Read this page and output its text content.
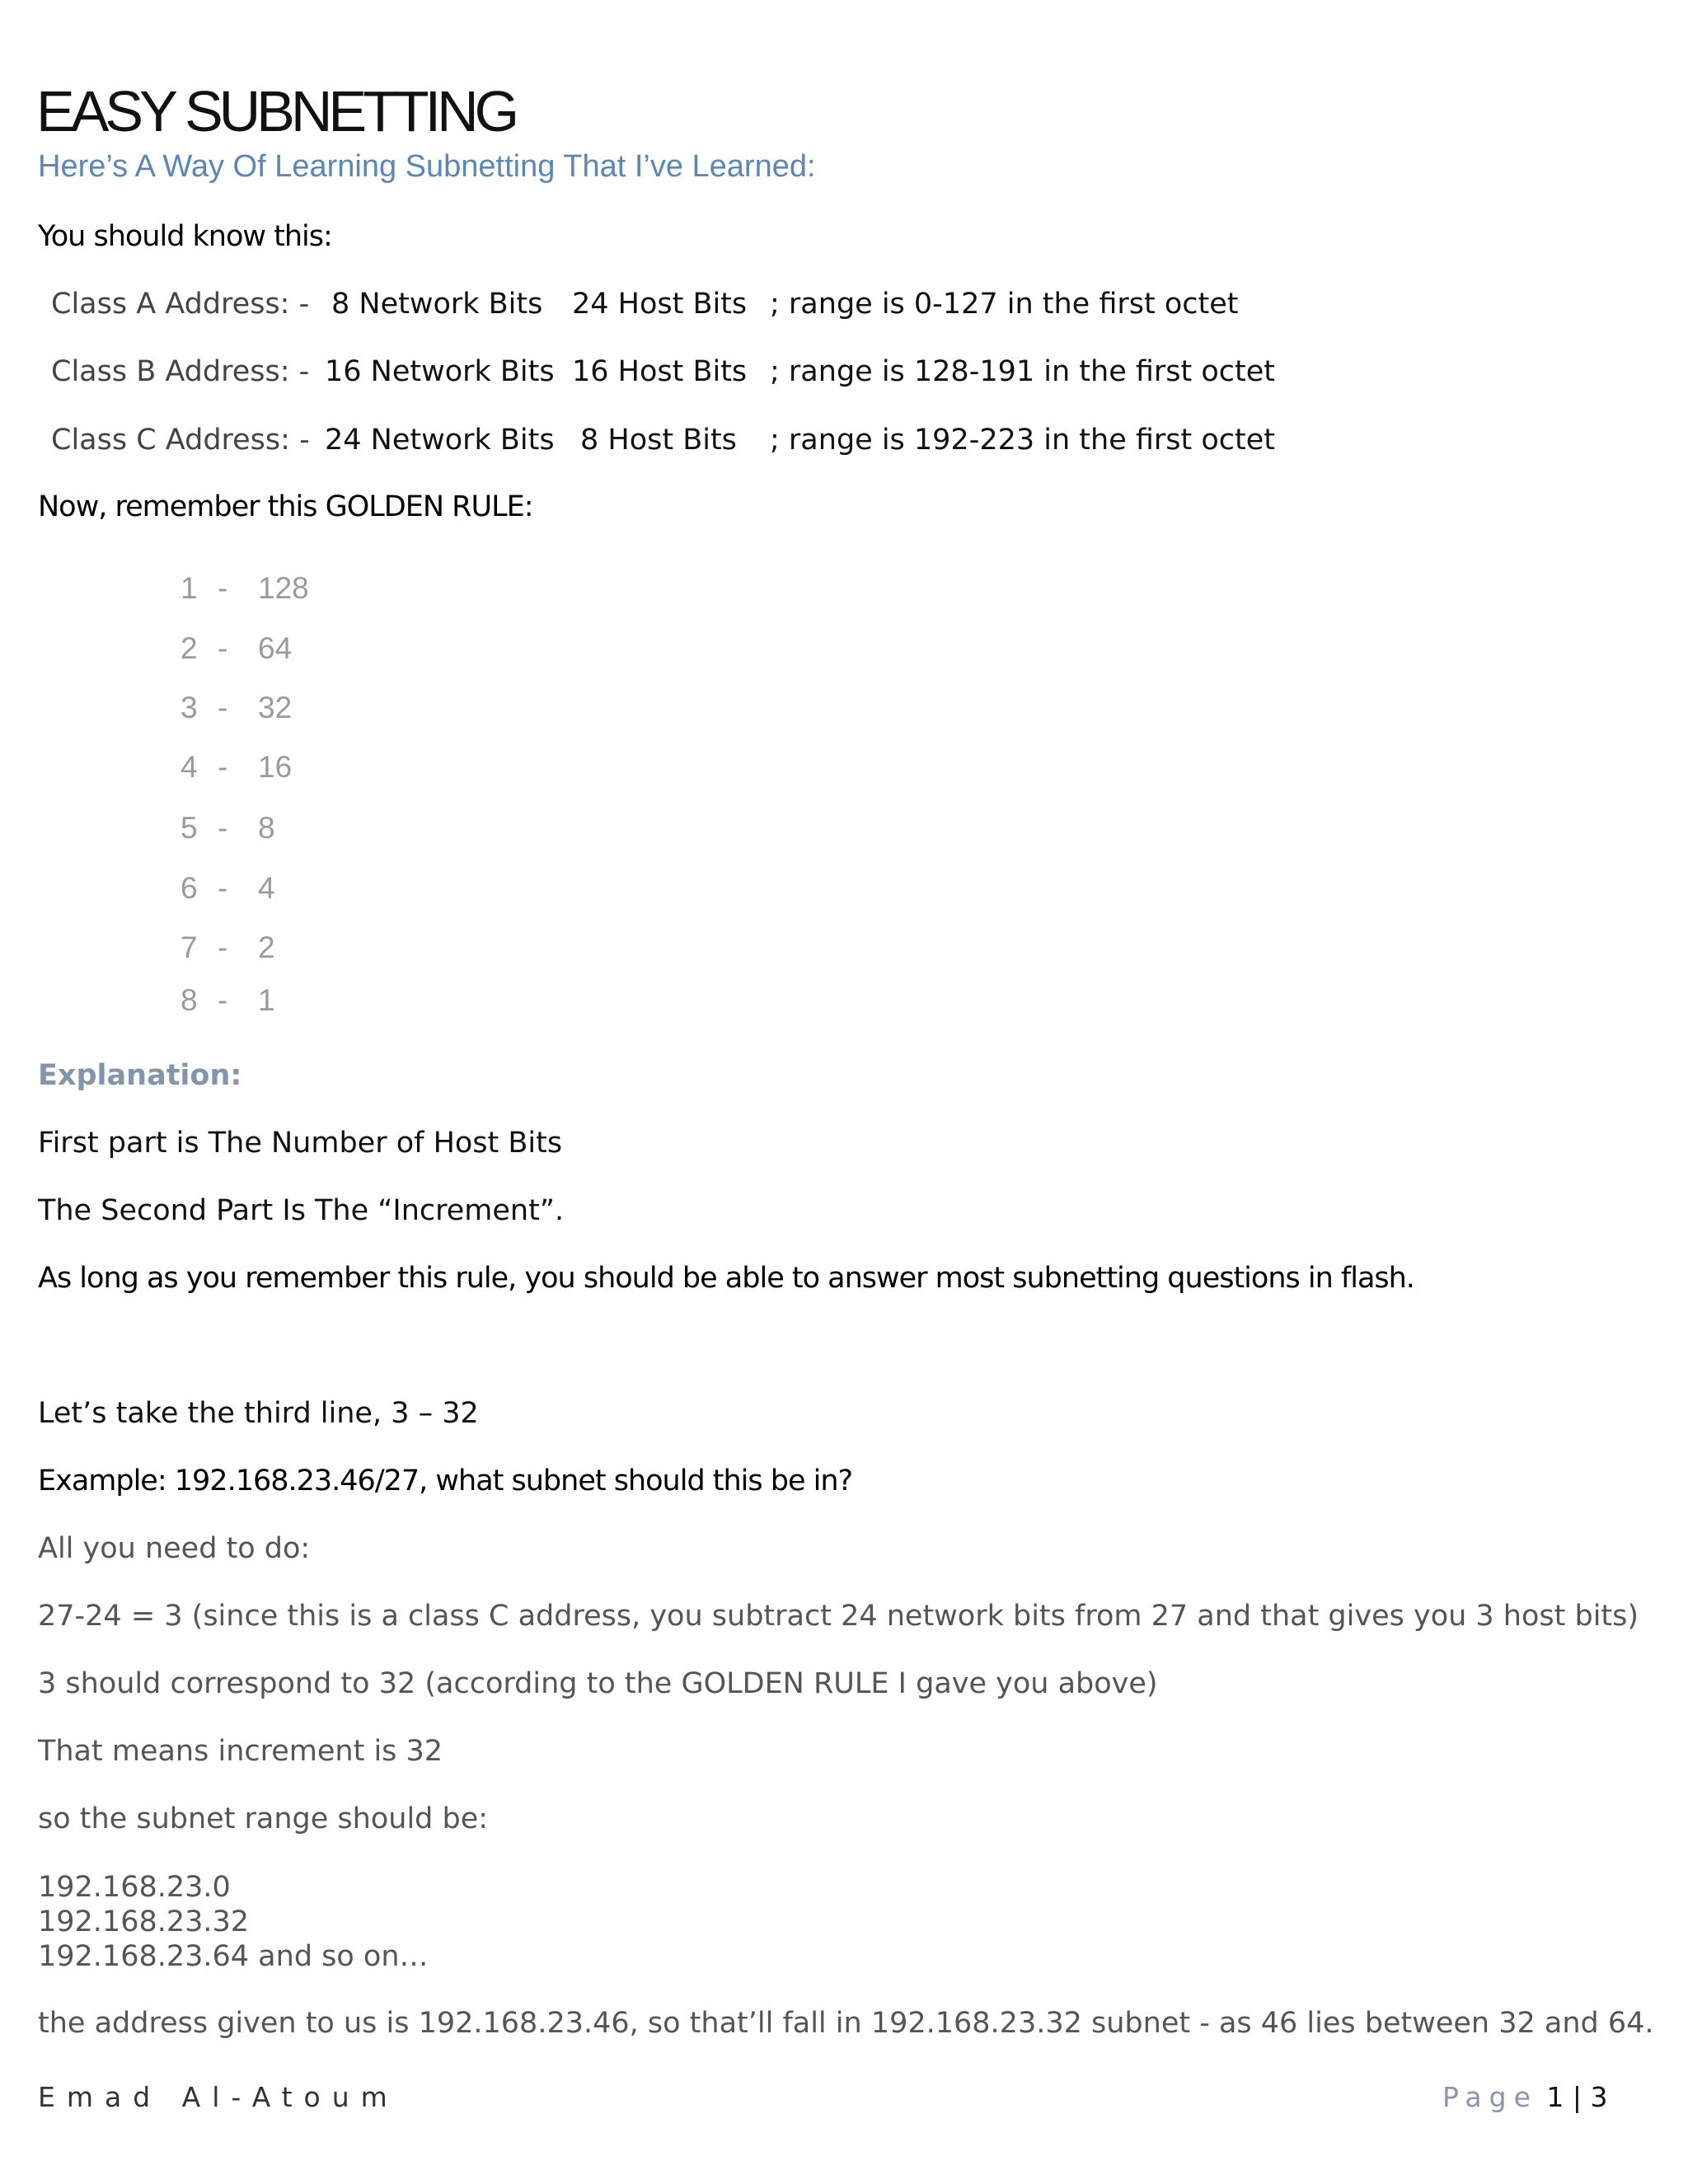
EASY SUBNETTING
Here’s A Way Of Learning Subnetting That I’ve Learned:
You should know this:
Class A Address: - 8 Network Bits 24 Host Bits ; range is 0-127 in the first octet
Class B Address: - 16 Network Bits 16 Host Bits ; range is 128-191 in the first octet
Class C Address: - 24 Network Bits 8 Host Bits ; range is 192-223 in the first octet
Now, remember this GOLDEN RULE:
1 - 128
2 - 64
3 - 32
4 - 16
5 - 8
6 - 4
7 - 2
8 - 1
Explanation:
First part is The Number of Host Bits
The Second Part Is The “Increment”.
As long as you remember this rule, you should be able to answer most subnetting questions in flash.
Let’s take the third line, 3 – 32
Example: 192.168.23.46/27, what subnet should this be in?
All you need to do:
27-24 = 3 (since this is a class C address, you subtract 24 network bits from 27 and that gives you 3 host bits)
3 should correspond to 32 (according to the GOLDEN RULE I gave you above)
That means increment is 32
so the subnet range should be:
192.168.23.0
192.168.23.32
192.168.23.64 and so on…
the address given to us is 192.168.23.46, so that’ll fall in 192.168.23.32 subnet - as 46 lies between 32 and 64.
Emad Al-Atoum	Page 1 | 3
